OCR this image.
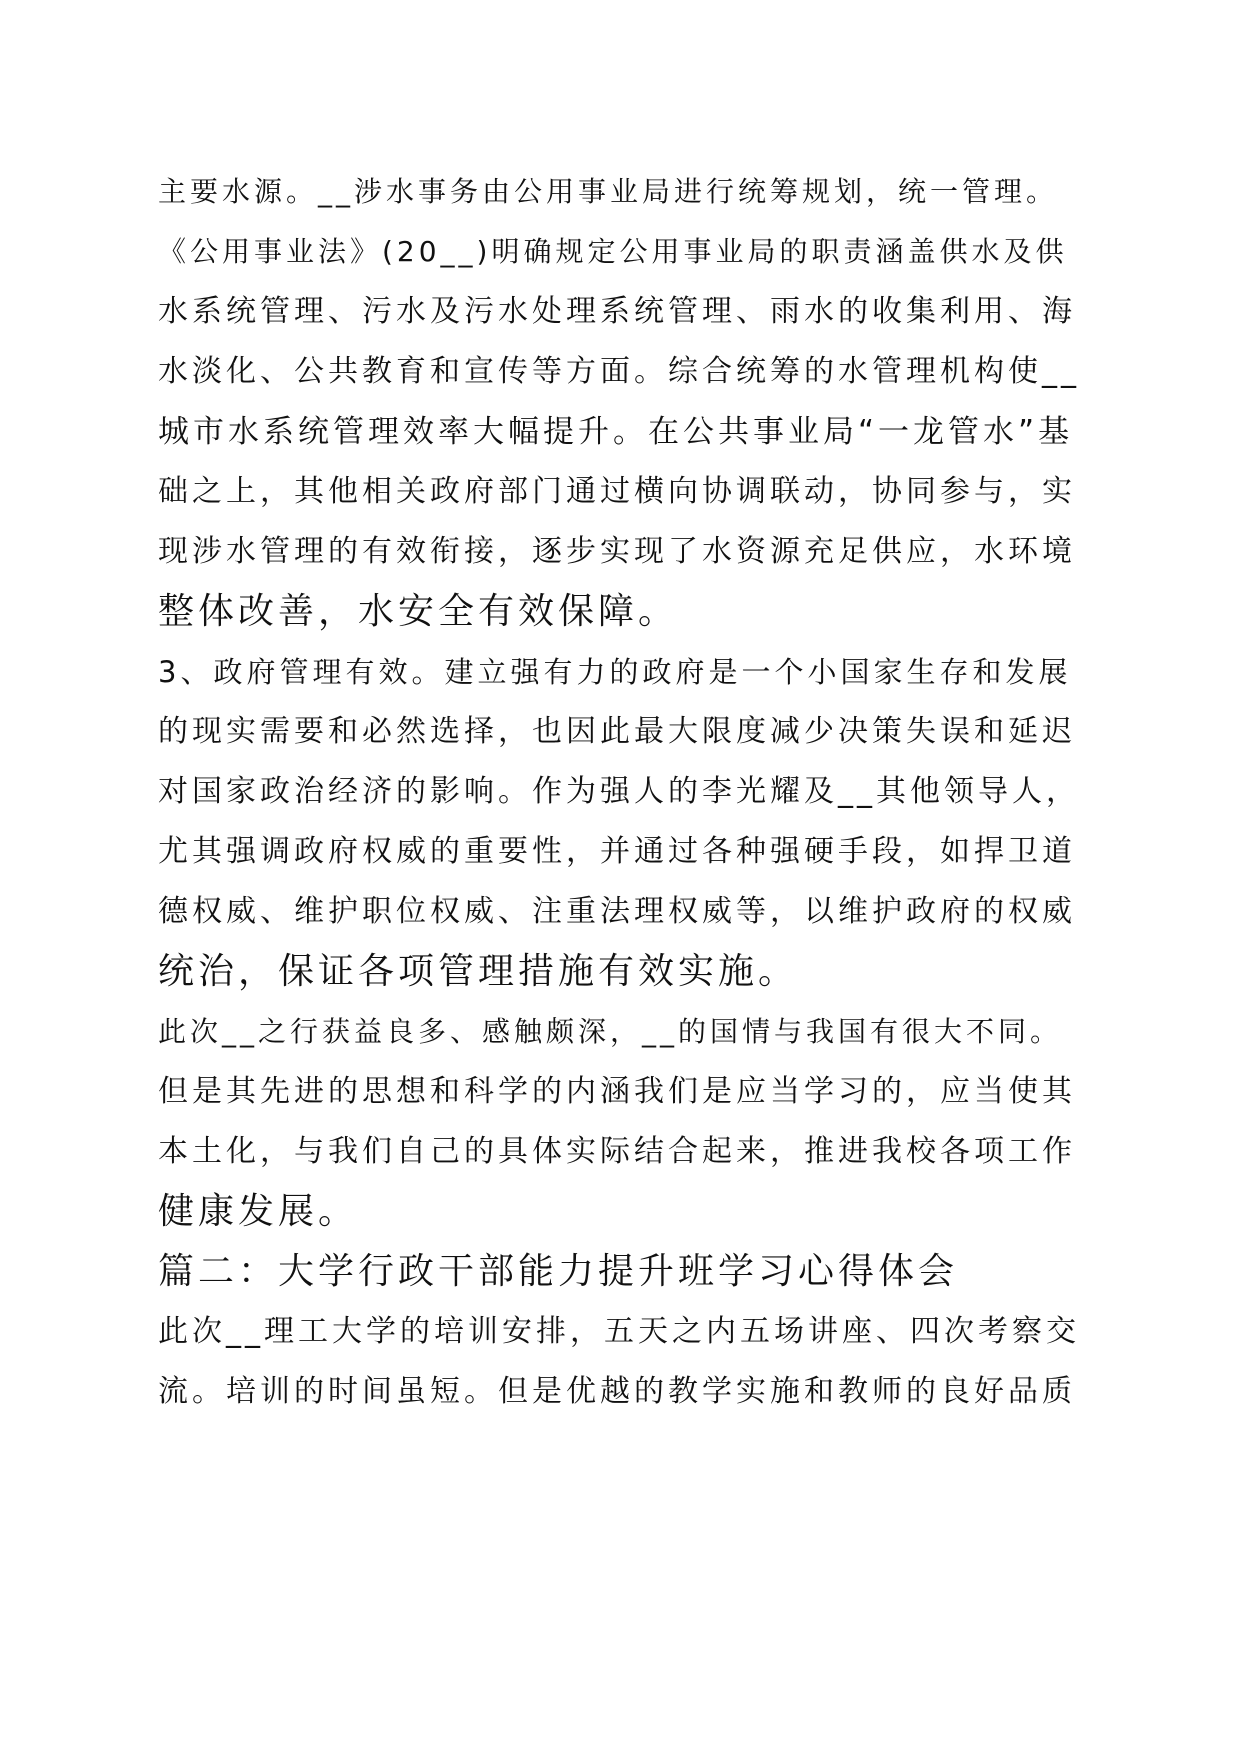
主要水源。__涉水事务由公用事业局进行统筹规划，统一管理。
《公用事业法》(20__)明确规定公用事业局的职责涵盖供水及供
水系统管理、污水及污水处理系统管理、雨水的收集利用、海
水淡化、公共教育和宣传等方面。综合统筹的水管理机构使__
城市水系统管理效率大幅提升。在公共事业局“一龙管水”基
础之上，其他相关政府部门通过横向协调联动，协同参与，实
现涉水管理的有效衔接，逐步实现了水资源充足供应，水环境
整体改善，水安全有效保障。
3、政府管理有效。建立强有力的政府是一个小国家生存和发展
的现实需要和必然选择，也因此最大限度减少决策失误和延迟
对国家政治经济的影响。作为强人的李光耀及__其他领导人，
尤其强调政府权威的重要性，并通过各种强硬手段，如捍卫道
德权威、维护职位权威、注重法理权威等，以维护政府的权威
统治，保证各项管理措施有效实施。
此次__之行获益良多、感触颇深，__的国情与我国有很大不同。
但是其先进的思想和科学的内涵我们是应当学习的，应当使其
本土化，与我们自己的具体实际结合起来，推进我校各项工作
健康发展。
篇二：大学行政干部能力提升班学习心得体会
此次__理工大学的培训安排，五天之内五场讲座、四次考察交
流。培训的时间虽短。但是优越的教学实施和教师的良好品质
